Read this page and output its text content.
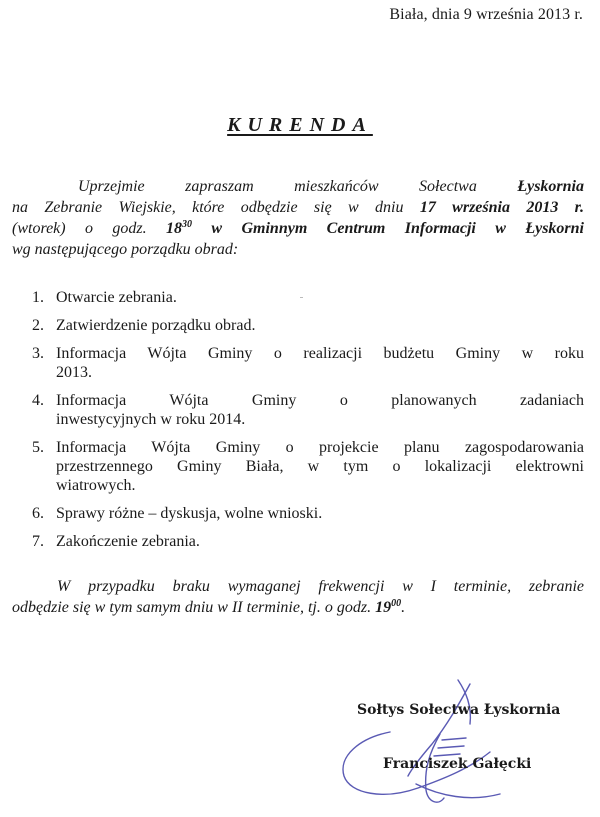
Biała, dnia 9 września 2013 r.
KURENDA

Uprzejmie zapraszam mieszkańców Sołectwa Łyskornia
na Zebranie Wiejskie, które odbędzie się w dniu 17 września 2013 r.
(wtorek) o godz. $18^{30}$ w Gminnym Centrum Informacji w Łyskorni
wg następującego porządku obrad:

1. Otwarcie zebrania.
2. Zatwierdzenie porządku obrad.
3. Informacja Wójta Gminy o realizacji budżetu Gminy w roku
2013.
4. Informacja Wójta Gminy o planowanych zadaniach
inwestycyjnych w roku 2014.
5. Informacja Wójta Gminy o projekcie planu zagospodarowania
przestrzennego Gminy Biała, w tym o lokalizacji elektrowni
wiatrowych.
6. Sprawy różne – dyskusja, wolne wnioski.
7. Zakończenie zebrania.

W przypadku braku wymaganej frekwencji w I terminie, zebranie
odbędzie się w tym samym dniu w II terminie, tj. o godz. $19^{00}$.

Sołtys Sołectwa Łyskornia
Franciszek Gałęcki
